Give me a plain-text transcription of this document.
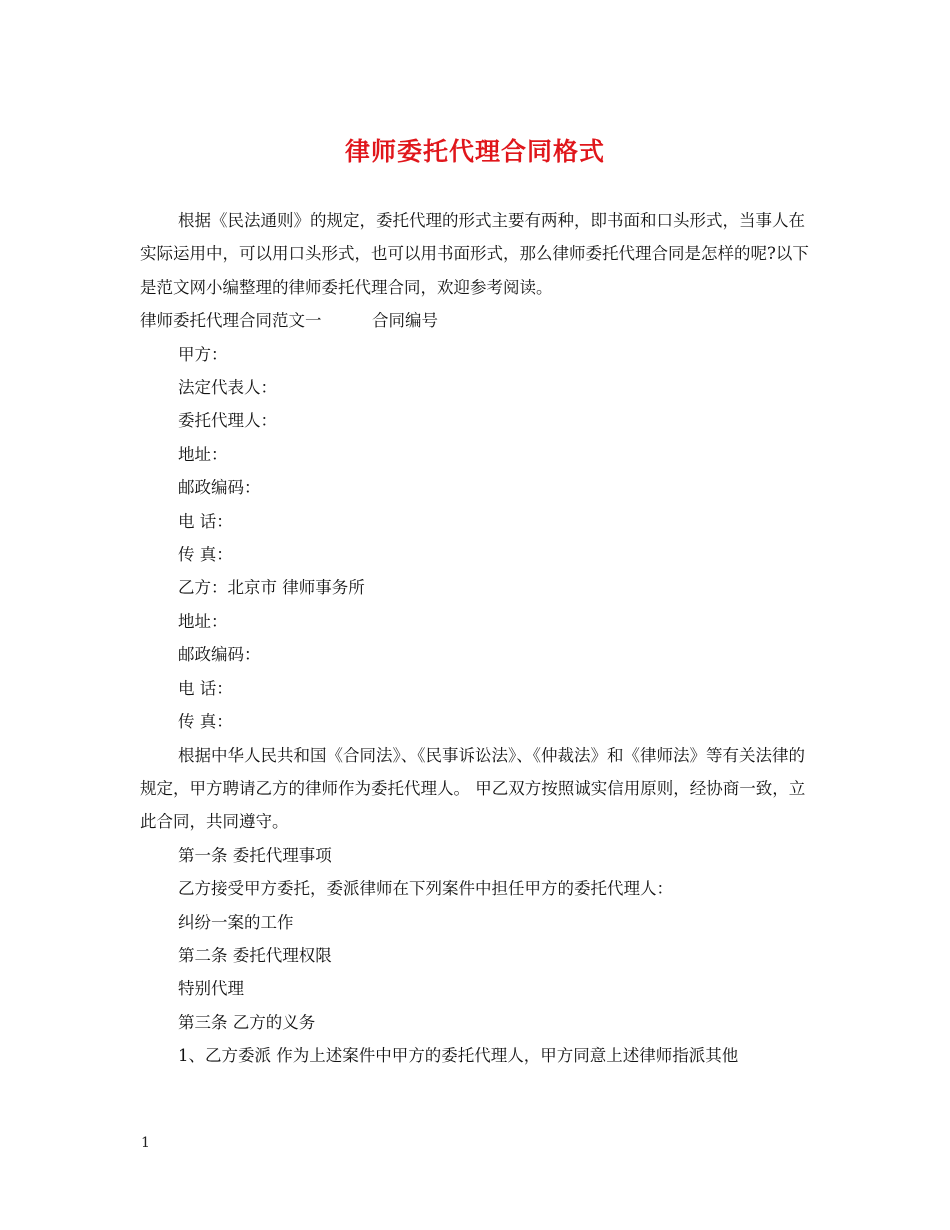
律师委托代理合同格式

根据《民法通则》的规定，委托代理的形式主要有两种，即书面和口头形式，当事人在实际运用中，可以用口头形式，也可以用书面形式，那么律师委托代理合同是怎样的呢?以下是范文网小编整理的律师委托代理合同，欢迎参考阅读。

律师委托代理合同范文一	合同编号

甲方：

法定代表人：

委托代理人：

地址：

邮政编码：

电 话：

传 真：

乙方：北京市 律师事务所

地址：

邮政编码：

电 话：

传 真：

根据中华人民共和国《合同法》、《民事诉讼法》、《仲裁法》和《律师法》等有关法律的规定，甲方聘请乙方的律师作为委托代理人。 甲乙双方按照诚实信用原则，经协商一致，立此合同，共同遵守。

第一条 委托代理事项

乙方接受甲方委托，委派律师在下列案件中担任甲方的委托代理人：

纠纷一案的工作

第二条 委托代理权限

特别代理

第三条 乙方的义务

1、乙方委派 作为上述案件中甲方的委托代理人，甲方同意上述律师指派其他

1
